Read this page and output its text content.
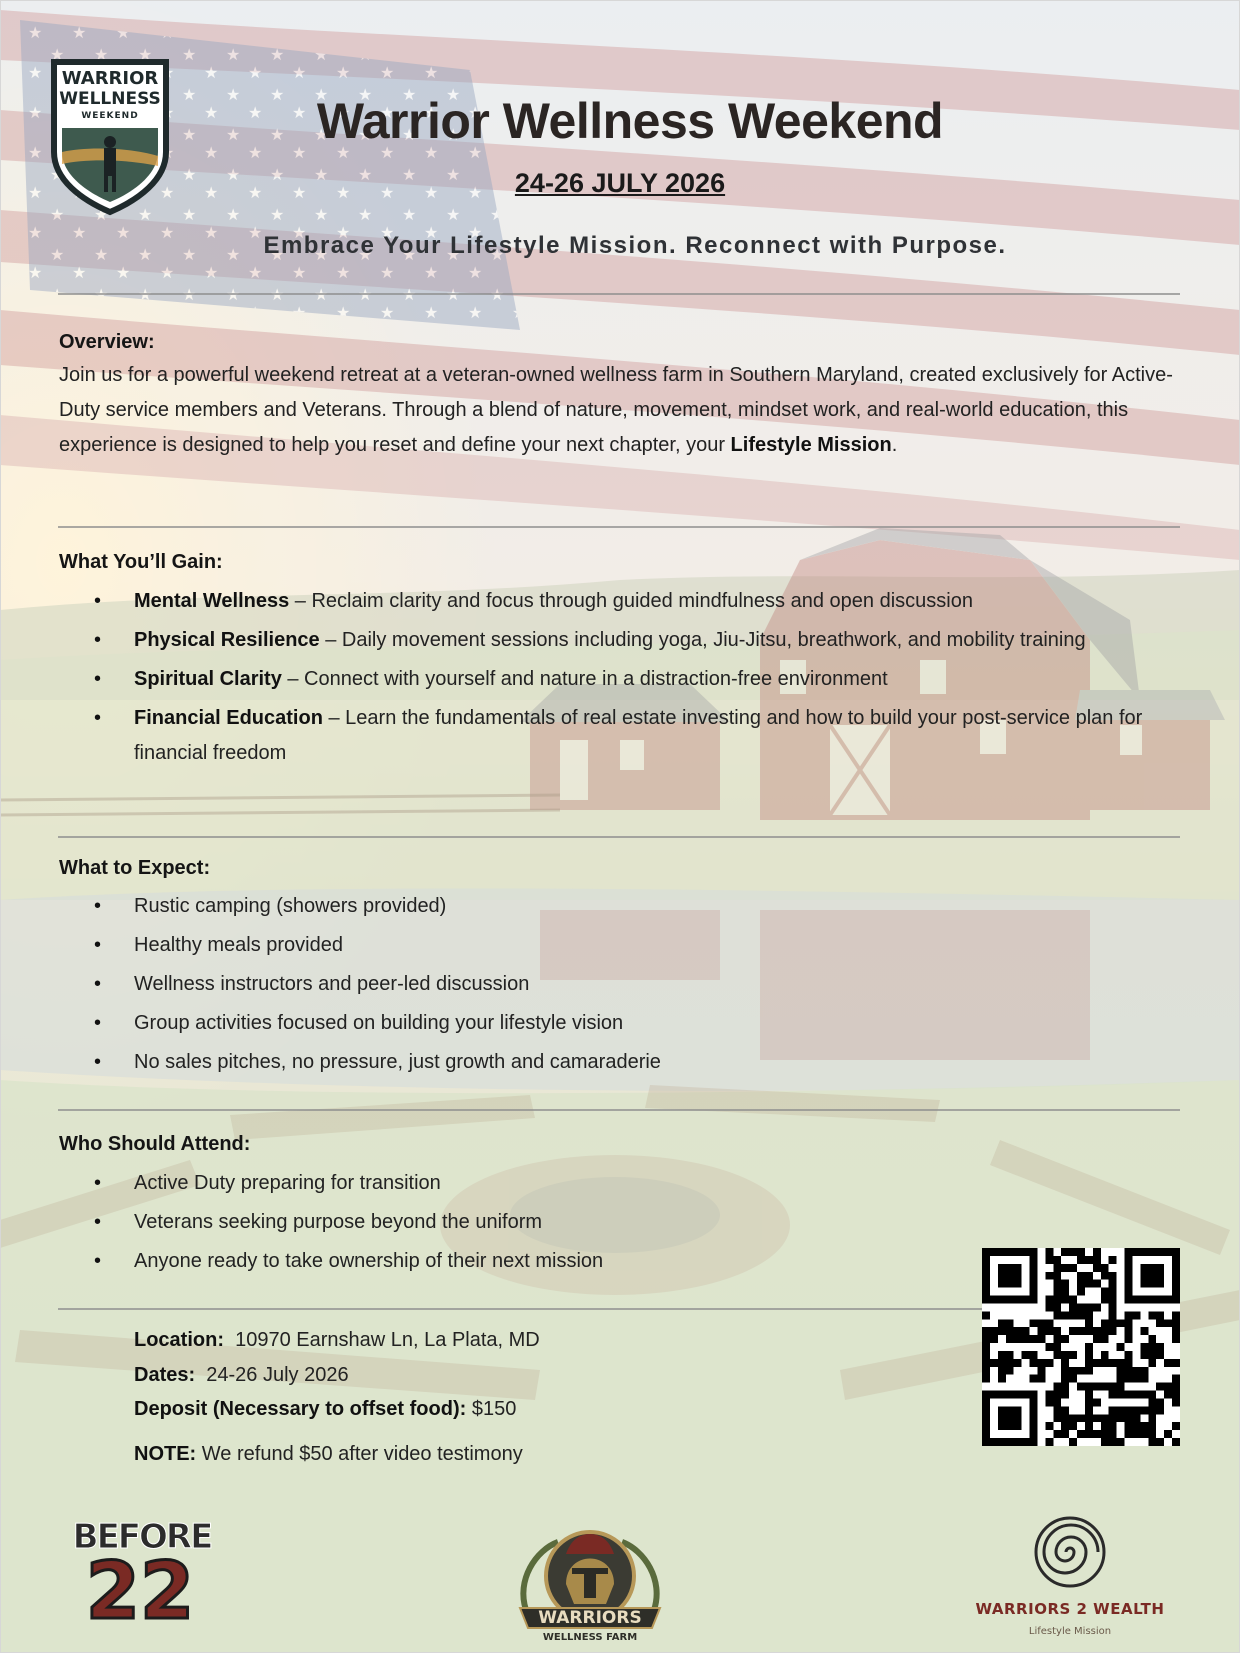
WARRIOR
WELLNESS
WEEKEND	Warrior Wellness Weekend
24-26 JULY 2026
Embrace Your Lifestyle Mission. Reconnect with Purpose.
Overview:
Join us for a powerful weekend retreat at a veteran-owned wellness farm in Southern Maryland, created exclusively for Active-Duty service members and Veterans. Through a blend of nature, movement, mindset work, and real-world education, this experience is designed to help you reset and define your next chapter, your Lifestyle Mission.
What You’ll Gain:
• Mental Wellness – Reclaim clarity and focus through guided mindfulness and open discussion
• Physical Resilience – Daily movement sessions including yoga, Jiu-Jitsu, breathwork, and mobility training
• Spiritual Clarity – Connect with yourself and nature in a distraction-free environment
• Financial Education – Learn the fundamentals of real estate investing and how to build your post-service plan for financial freedom
What to Expect:
• Rustic camping (showers provided)
• Healthy meals provided
• Wellness instructors and peer-led discussion
• Group activities focused on building your lifestyle vision
• No sales pitches, no pressure, just growth and camaraderie
Who Should Attend:
• Active Duty preparing for transition
• Veterans seeking purpose beyond the uniform
• Anyone ready to take ownership of their next mission
Location: 10970 Earnshaw Ln, La Plata, MD
Dates: 24-26 July 2026
Deposit (Necessary to offset food): $150
NOTE: We refund $50 after video testimony
BEFORE
22	WARRIORS
WELLNESS FARM
WARRIORS 2 WEALTH
Lifestyle Mission
